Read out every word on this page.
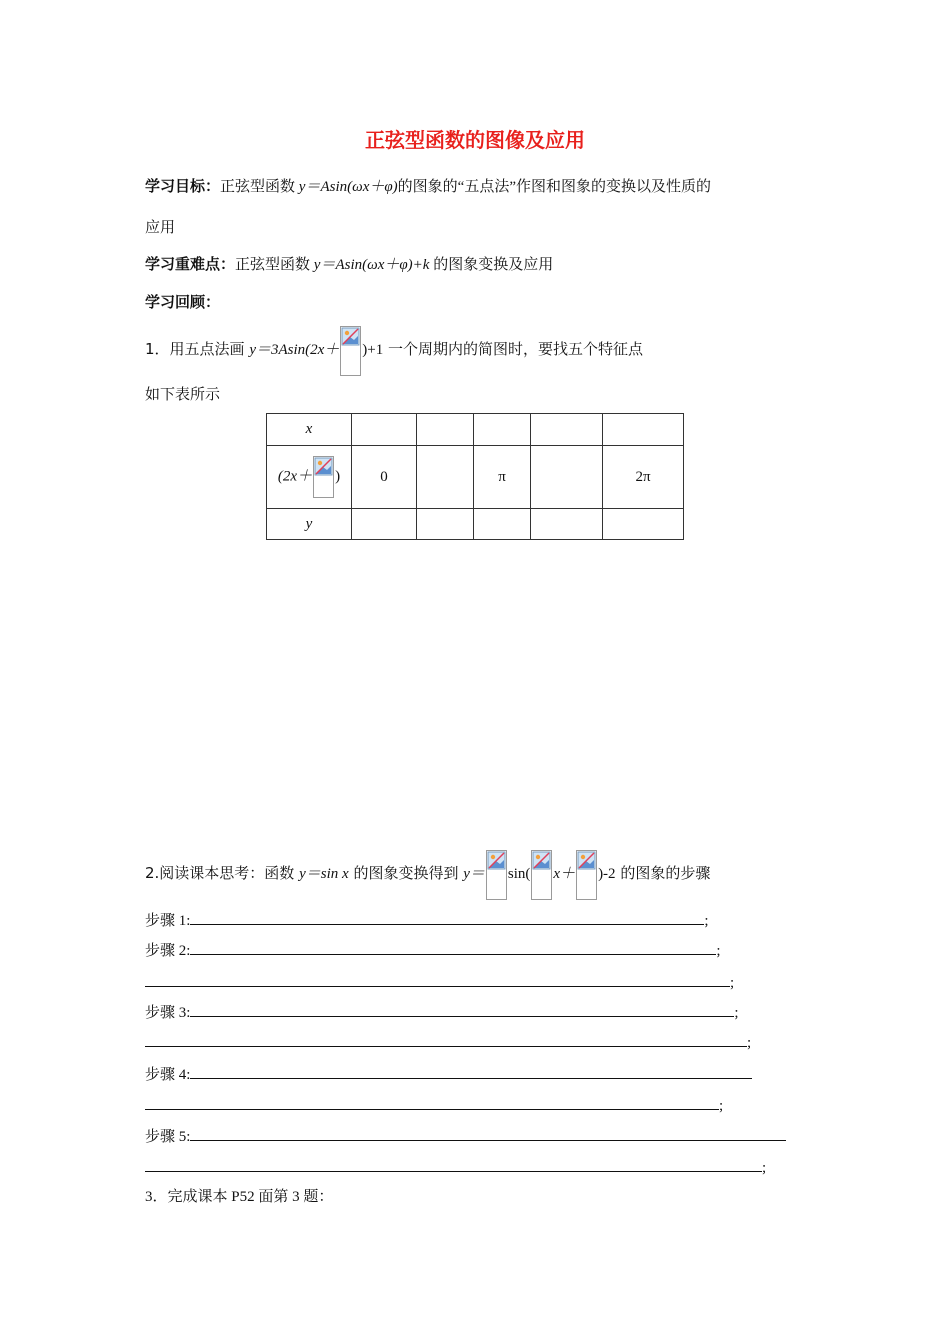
正弦型函数的图像及应用
学习目标：正弦型函数 y＝Asin(ωx＋φ)的图象的“五点法”作图和图象的变换以及性质的
应用
学习重难点：正弦型函数 y＝Asin(ωx＋φ)+k 的图象变换及应用
学习回顾：
1．用五点法画 y＝3Asin(2x＋ )+1 一个周期内的简图时，要找五个特征点
如下表所示
x					
(2x＋ )	0		π		2π
y					
2.阅读课本思考：函数 y＝sin x 的图象变换得到 y＝ sin( x＋ )-2 的图象的步骤
步骤 1:	;
步骤 2:	;
;
步骤 3:	;
;
步骤 4:
;
步骤 5:
;
3．完成课本 P52 面第 3 题：
